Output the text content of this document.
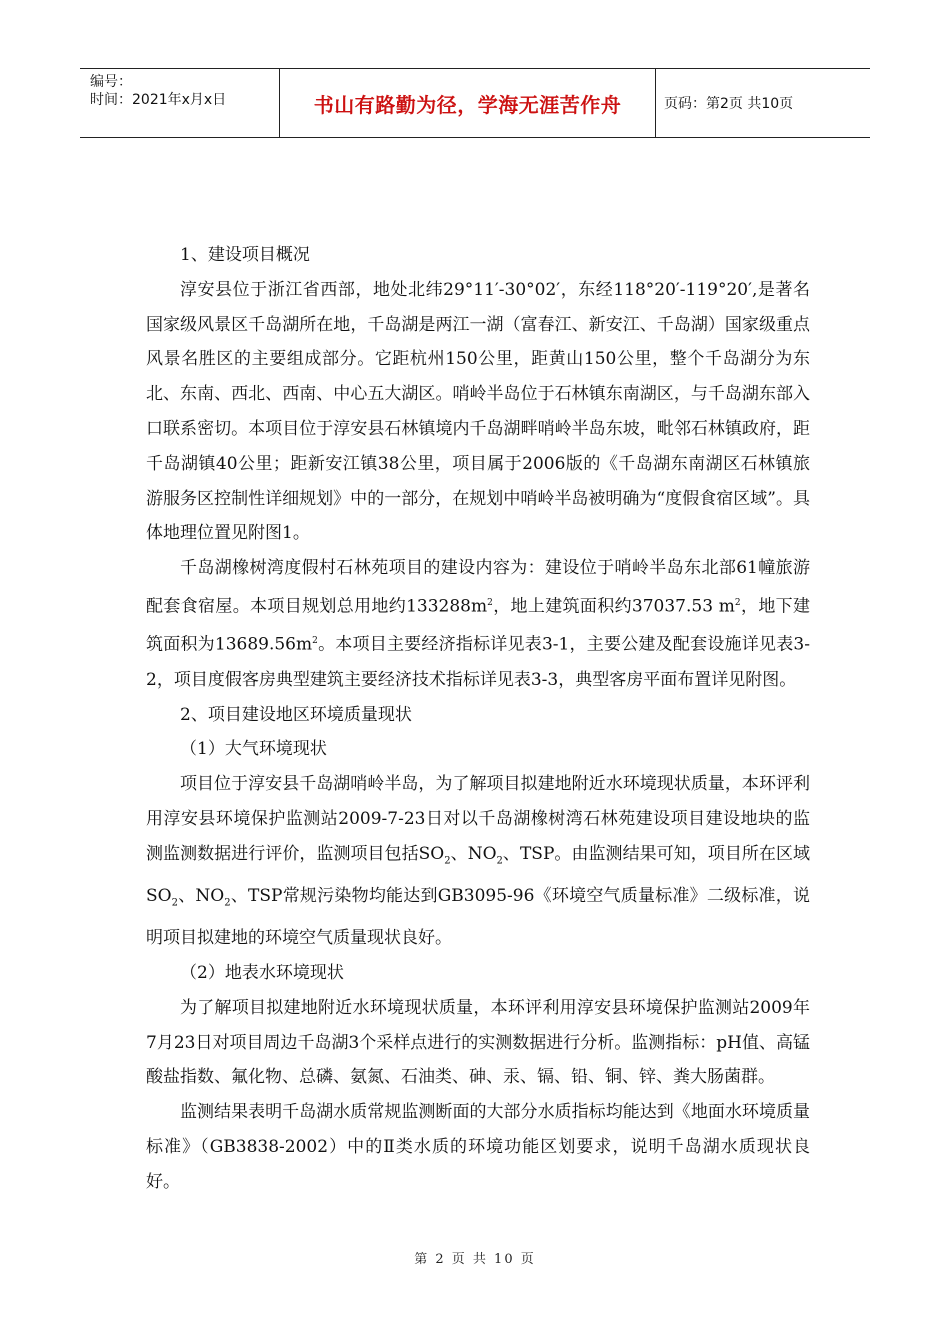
编号：
时间：2021年x月x日	书山有路勤为径，学海无涯苦作舟	页码：第2页 共10页

1、建设项目概况

淳安县位于浙江省西部，地处北纬29°11′-30°02′，东经118°20′-119°20′,是著名国家级风景区千岛湖所在地，千岛湖是两江一湖（富春江、新安江、千岛湖）国家级重点风景名胜区的主要组成部分。它距杭州150公里，距黄山150公里，整个千岛湖分为东北、东南、西北、西南、中心五大湖区。哨岭半岛位于石林镇东南湖区，与千岛湖东部入口联系密切。本项目位于淳安县石林镇境内千岛湖畔哨岭半岛东坡，毗邻石林镇政府，距千岛湖镇40公里；距新安江镇38公里，项目属于2006版的《千岛湖东南湖区石林镇旅游服务区控制性详细规划》中的一部分，在规划中哨岭半岛被明确为“度假食宿区域”。具体地理位置见附图1。

千岛湖橡树湾度假村石林苑项目的建设内容为：建设位于哨岭半岛东北部61幢旅游配套食宿屋。本项目规划总用地约$133288m^2$，地上建筑面积约37037.53 $m^2$，地下建筑面积为$13689.56m^2$。本项目主要经济指标详见表3-1，主要公建及配套设施详见表3-2，项目度假客房典型建筑主要经济技术指标详见表3-3，典型客房平面布置详见附图。

2、项目建设地区环境质量现状

（1）大气环境现状

项目位于淳安县千岛湖哨岭半岛，为了解项目拟建地附近水环境现状质量，本环评利用淳安县环境保护监测站2009-7-23日对以千岛湖橡树湾石林苑建设项目建设地块的监测监测数据进行评价，监测项目包括$SO_2$、$NO_2$、TSP。由监测结果可知，项目所在区域$SO_2$、$NO_2$、TSP常规污染物均能达到GB3095-96《环境空气质量标准》二级标准，说明项目拟建地的环境空气质量现状良好。

（2）地表水环境现状

为了解项目拟建地附近水环境现状质量，本环评利用淳安县环境保护监测站2009年7月23日对项目周边千岛湖3个采样点进行的实测数据进行分析。监测指标：pH值、高锰酸盐指数、氟化物、总磷、氨氮、石油类、砷、汞、镉、铅、铜、锌、粪大肠菌群。

监测结果表明千岛湖水质常规监测断面的大部分水质指标均能达到《地面水环境质量标准》（GB3838-2002）中的Ⅱ类水质的环境功能区划要求，说明千岛湖水质现状良好。

第 2 页 共 10 页
